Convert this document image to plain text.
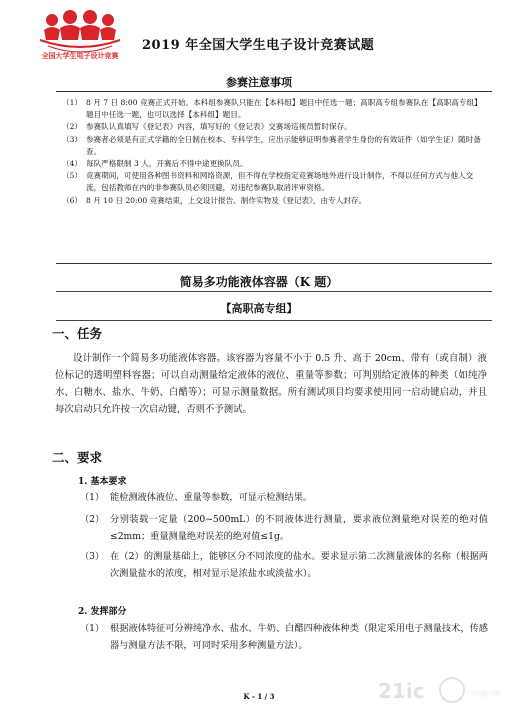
全国大学生电子设计竞赛
2019 年全国大学生电子设计竞赛试题
参赛注意事项
（1） 8 月 7 日 8:00 竞赛正式开始。本科组参赛队只能在【本科组】题目中任选一题；高职高专组参赛队在【高职高专组】题目中任选一题，也可以选择【本科组】题目。
（2） 参赛队认真填写《登记表》内容，填写好的《登记表》交赛场巡视员暂时保存。
（3） 参赛者必须是有正式学籍的全日制在校本、专科学生，应出示能够证明参赛者学生身份的有效证件（如学生证）随时备查。
（4） 每队严格限制 3 人，开赛后不得中途更换队员。
（5） 竞赛期间，可使用各种图书资料和网络资源，但不得在学校指定竞赛场地外进行设计制作，不得以任何方式与他人交流，包括教师在内的非参赛队员必须回避，对违纪参赛队取消评审资格。
（6） 8 月 10 日 20:00 竞赛结束，上交设计报告、制作实物及《登记表》，由专人封存。
简易多功能液体容器（K 题）
【高职高专组】
一、任务
设计制作一个简易多功能液体容器。该容器为容量不小于 0.5 升、高于 20cm、带有（或自制）液位标记的透明塑料容器；可以自动测量给定液体的液位、重量等参数；可判别给定液体的种类（如纯净水、白糖水、盐水、牛奶、白醋等）；可显示测量数据。所有测试项目均要求使用同一启动键启动，并且每次启动只允许按一次启动键，否则不予测试。
二、要求
1. 基本要求
（1） 能检测液体液位、重量等参数，可显示检测结果。
（2） 分别装载一定量（200~500mL）的不同液体进行测量，要求液位测量绝对误差的绝对值≤2mm；重量测量绝对误差的绝对值≤1g。
（3） 在（2）的测量基础上，能够区分不同浓度的盐水。要求显示第二次测量液体的名称（根据两次测量盐水的浓度，相对显示是浓盐水或淡盐水）。
2. 发挥部分
（1） 根据液体特征可分辨纯净水、盐水、牛奶、白醋四种液体种类（限定采用电子测量技术，传感器与测量方法不限，可同时采用多种测量方法）。
K - 1 / 3	21ic	中国电子网
